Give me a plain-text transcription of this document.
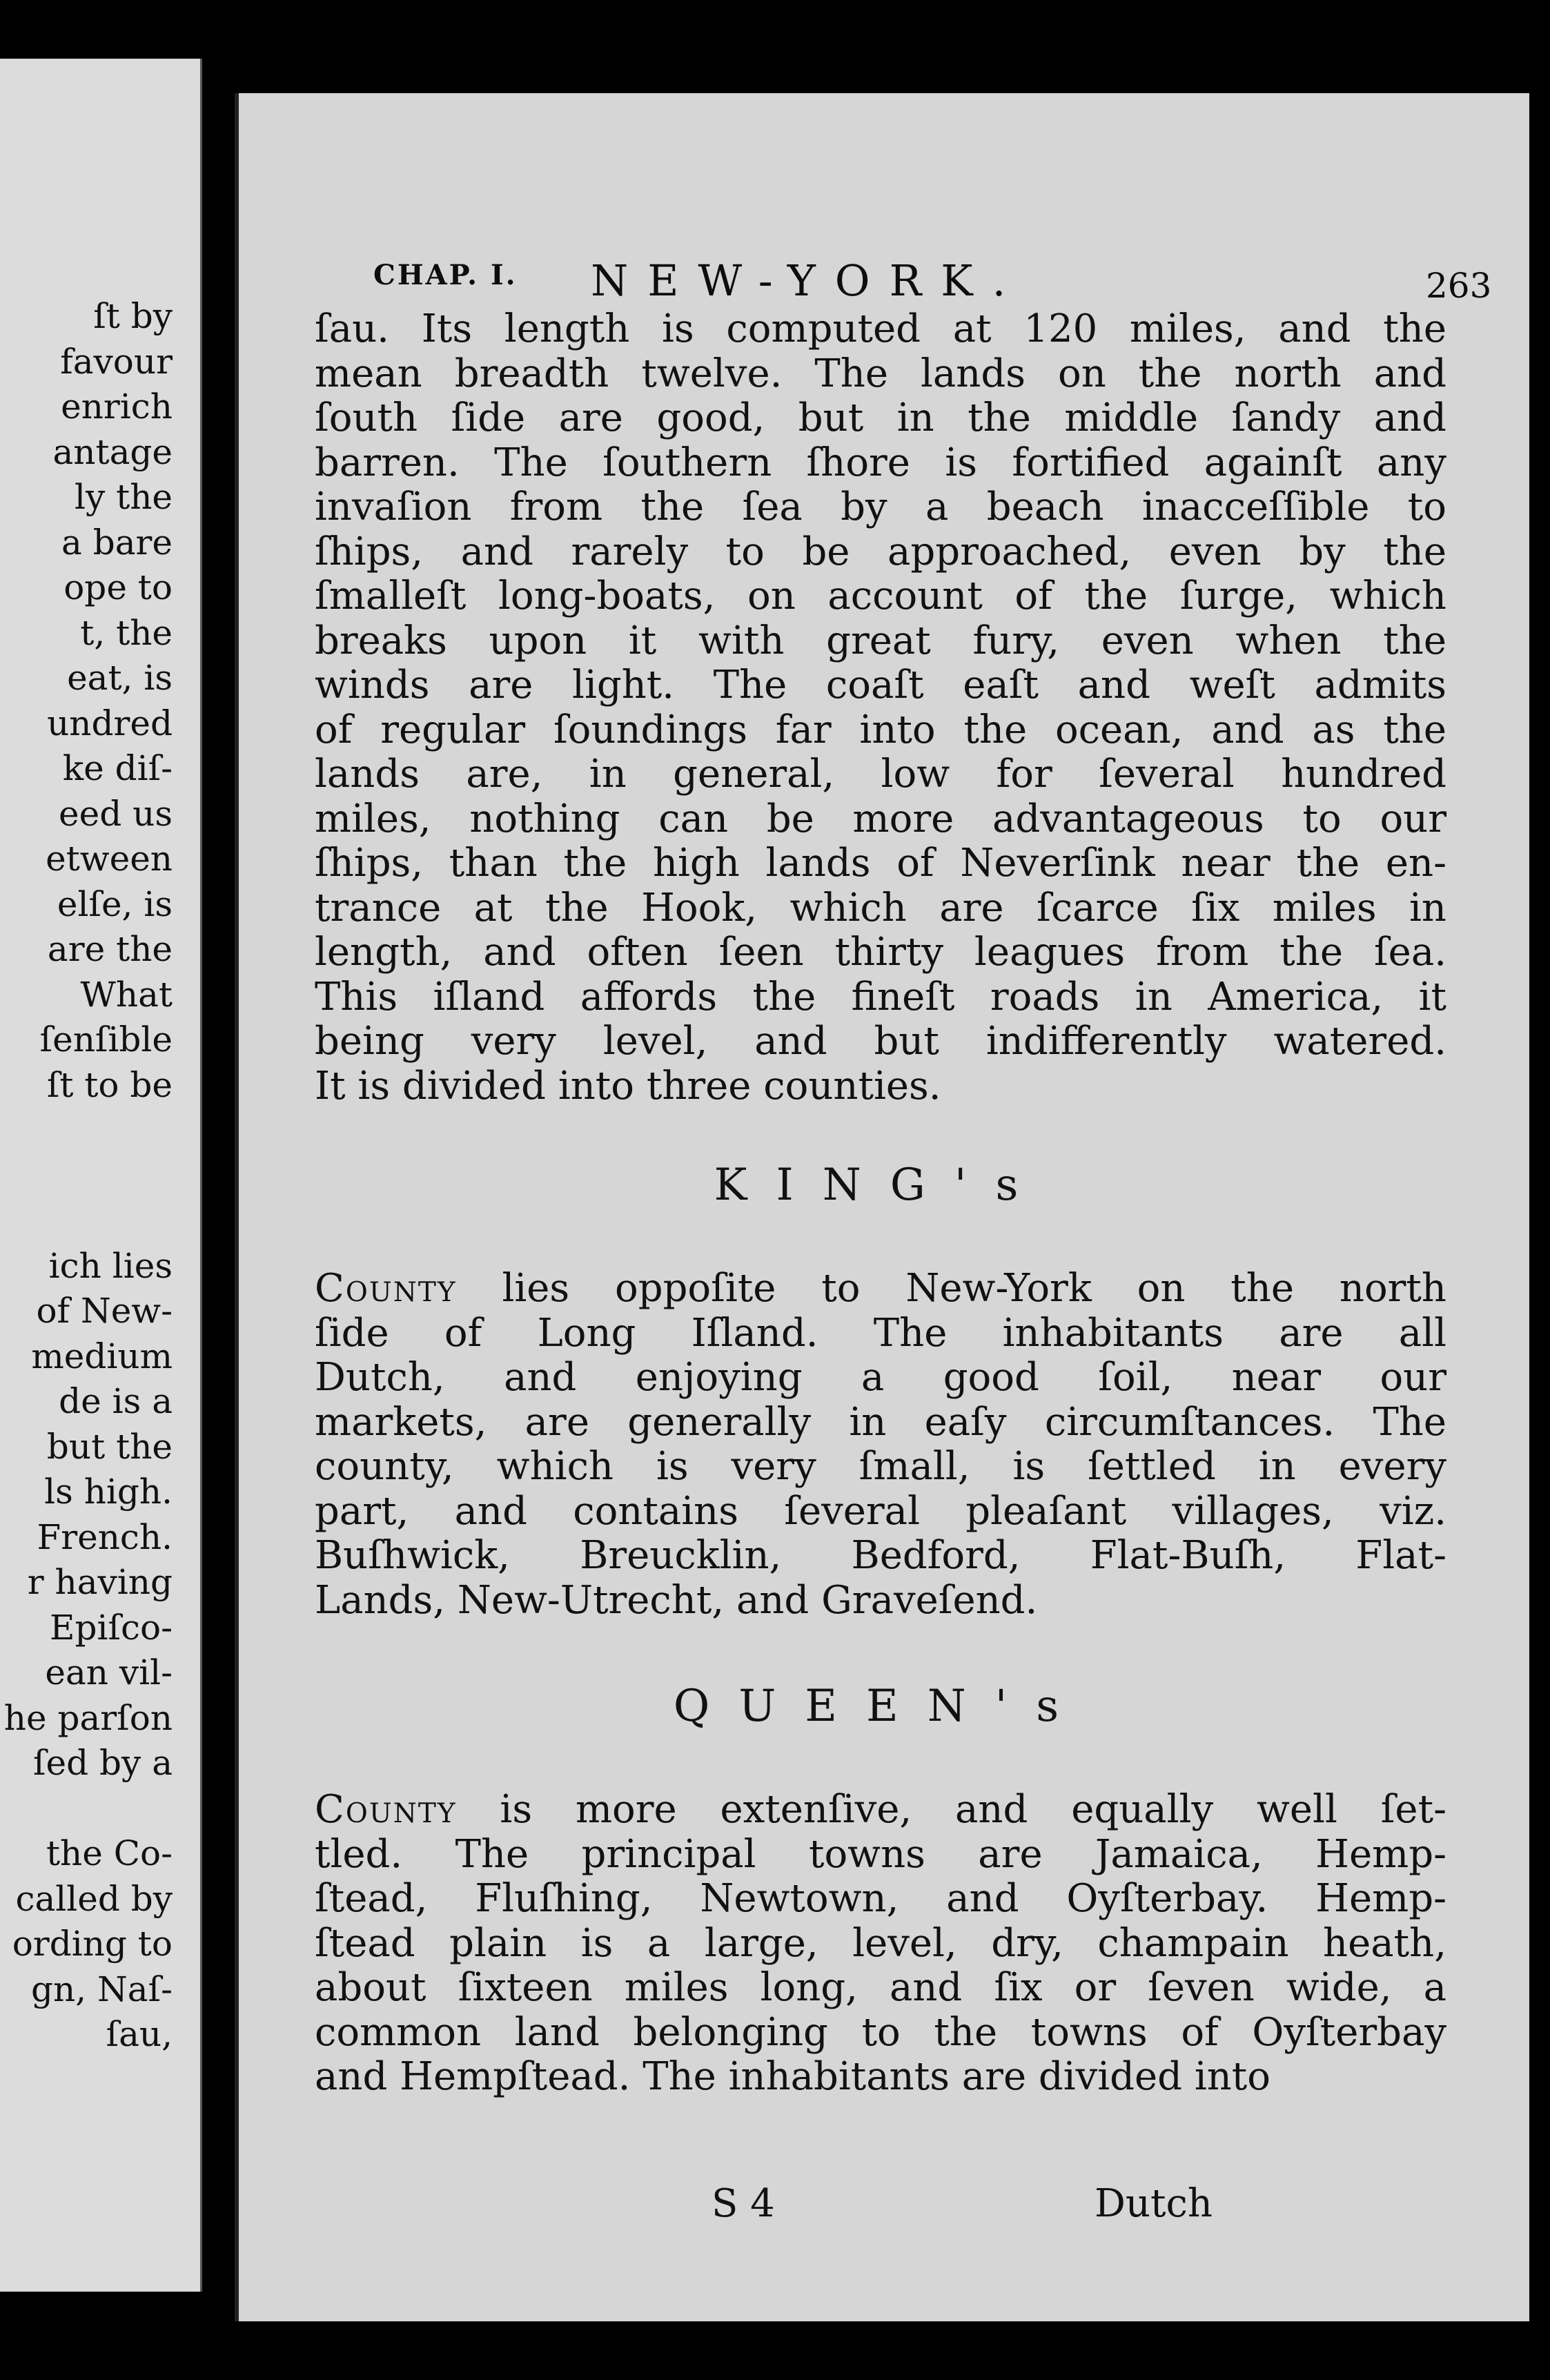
ſt by
favour
enrich
antage
ly the
a bare
ope to
t, the
eat, is
undred
ke diſ-
eed us
etween
elſe, is
are the
What
ſenſible
ſt to be
ich lies
of New-
medium
de is a
but the
ls high.
French.
r having
Epiſco-
ean vil-
he parſon
ſed by a
the Co-
called by
ording to
gn, Naſ-
ſau,
CHAP. I. NEW-YORK.	263
ſau. Its length is computed at 120 miles, and the
mean breadth twelve. The lands on the north and
ſouth ſide are good, but in the middle ſandy and
barren. The ſouthern ſhore is fortified againſt any
invaſion from the ſea by a beach inacceſſible to
ſhips, and rarely to be approached, even by the
ſmalleſt long-boats, on account of the ſurge, which
breaks upon it with great fury, even when the
winds are light. The coaſt eaſt and weſt admits
of regular ſoundings far into the ocean, and as the
lands are, in general, low for ſeveral hundred
miles, nothing can be more advantageous to our
ſhips, than the high lands of Neverſink near the en-
trance at the Hook, which are ſcarce ſix miles in
length, and often ſeen thirty leagues from the ſea.
This iſland affords the fineſt roads in America, it
being very level, and but indifferently watered.
It is divided into three counties.
KING's
County lies oppoſite to New-York on the north
ſide of Long Iſland. The inhabitants are all
Dutch, and enjoying a good ſoil, near our
markets, are generally in eaſy circumſtances. The
county, which is very ſmall, is ſettled in every
part, and contains ſeveral pleaſant villages, viz.
Buſhwick, Breucklin, Bedford, Flat-Buſh, Flat-
Lands, New-Utrecht, and Graveſend.
QUEEN's
County is more extenſive, and equally well ſet-
tled. The principal towns are Jamaica, Hemp-
ſtead, Fluſhing, Newtown, and Oyſterbay. Hemp-
ſtead plain is a large, level, dry, champain heath,
about ſixteen miles long, and ſix or ſeven wide, a
common land belonging to the towns of Oyſterbay
and Hempſtead. The inhabitants are divided into
S 4	Dutch
